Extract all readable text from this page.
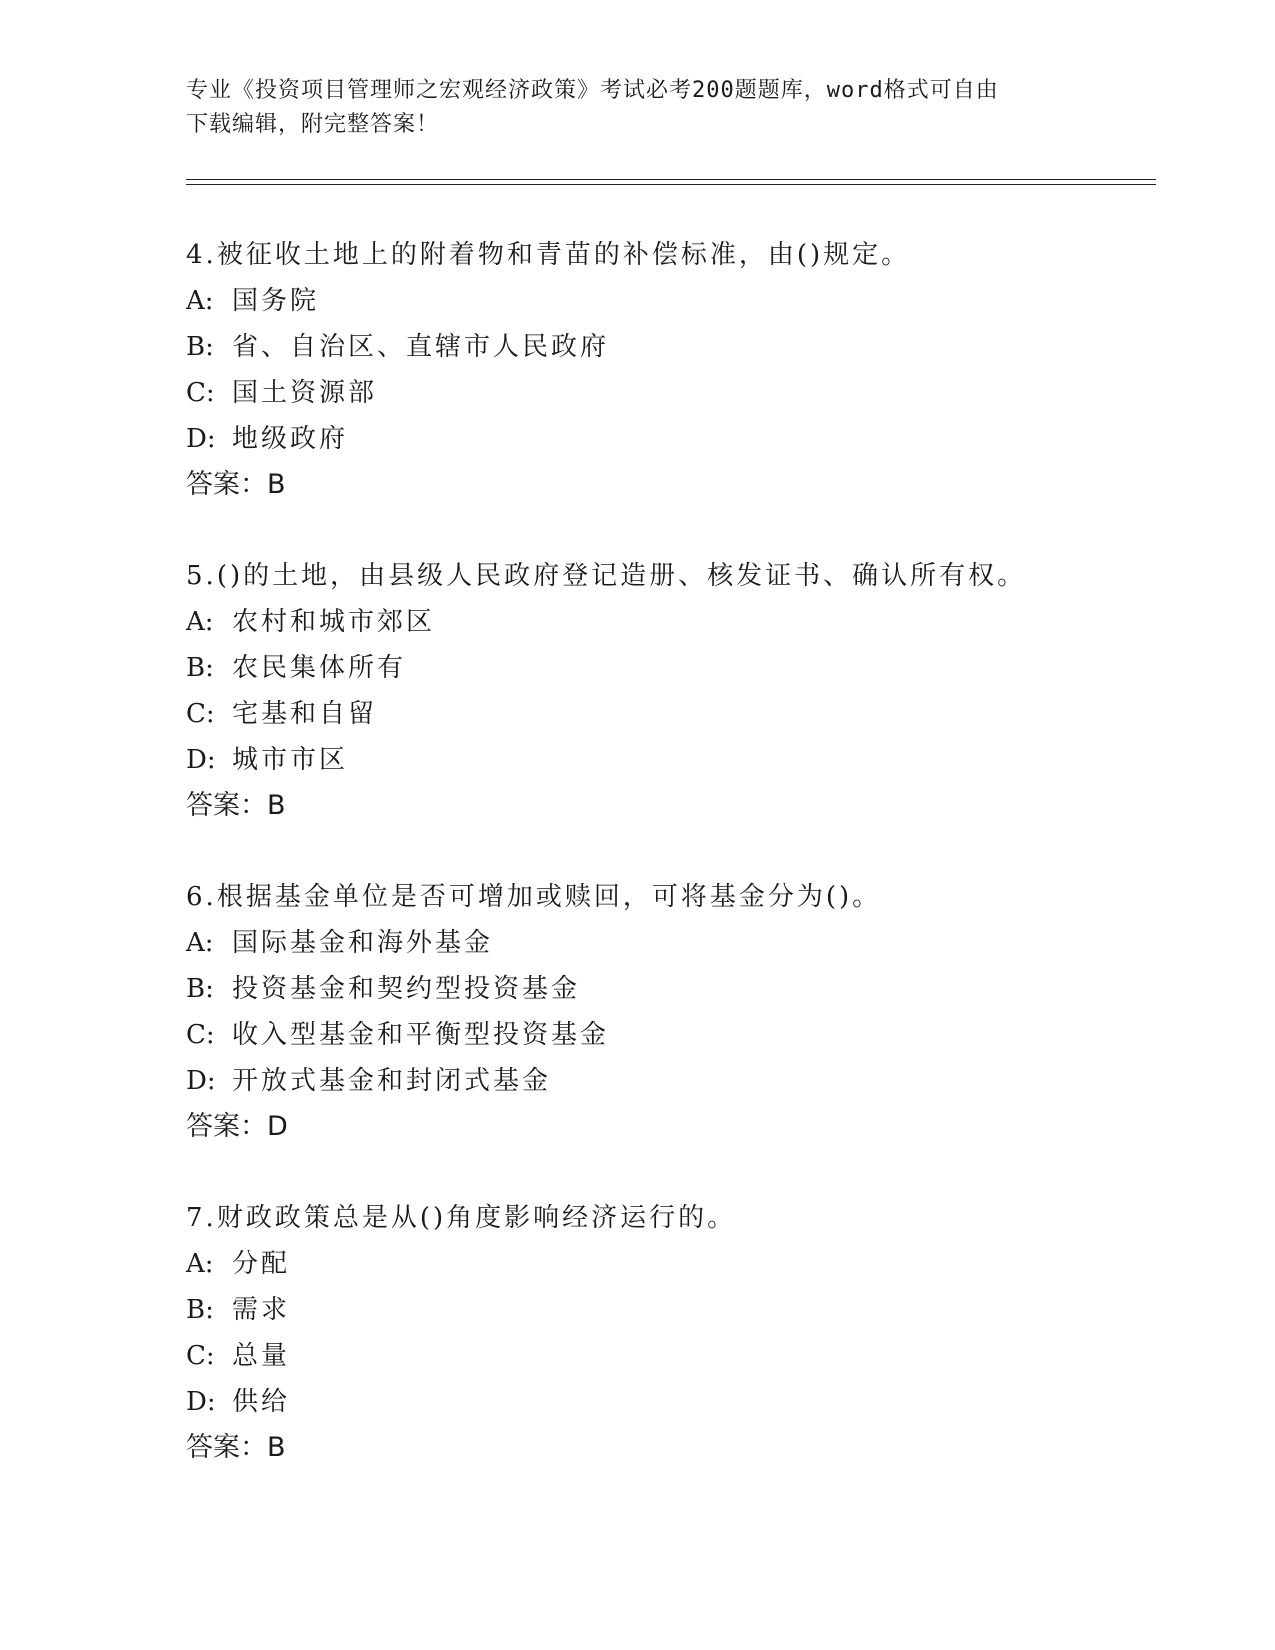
专业《投资项目管理师之宏观经济政策》考试必考200题题库，word格式可自由
下载编辑，附完整答案！
4.被征收土地上的附着物和青苗的补偿标准，由()规定。
A: 国务院
B: 省、自治区、直辖市人民政府
C: 国土资源部
D: 地级政府
答案：B
5.()的土地，由县级人民政府登记造册、核发证书、确认所有权。
A: 农村和城市郊区
B: 农民集体所有
C: 宅基和自留
D: 城市市区
答案：B
6.根据基金单位是否可增加或赎回，可将基金分为()。
A: 国际基金和海外基金
B: 投资基金和契约型投资基金
C: 收入型基金和平衡型投资基金
D: 开放式基金和封闭式基金
答案：D
7.财政政策总是从()角度影响经济运行的。
A: 分配
B: 需求
C: 总量
D: 供给
答案：B
